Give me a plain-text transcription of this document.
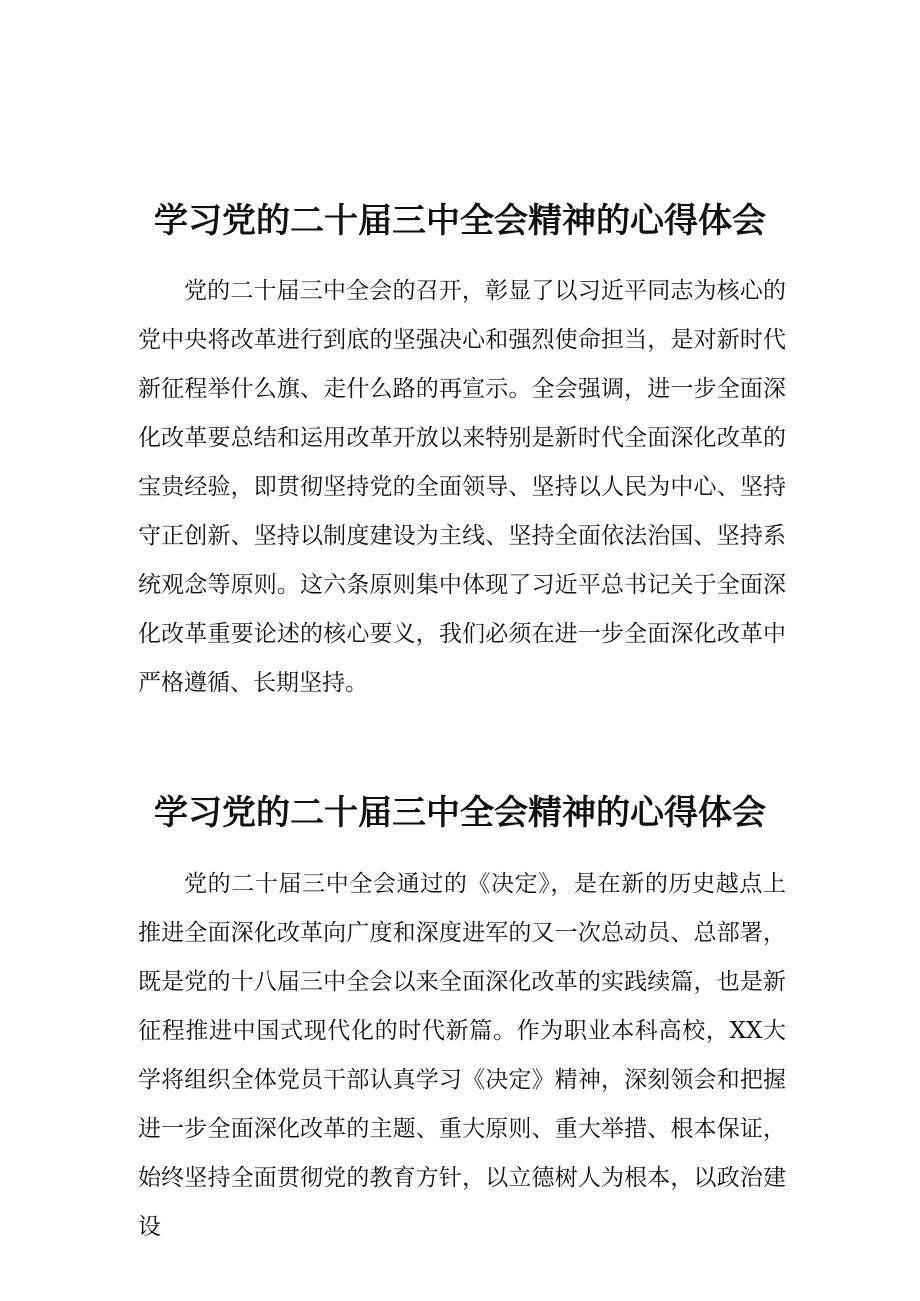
学习党的二十届三中全会精神的心得体会

党的二十届三中全会的召开，彰显了以习近平同志为核心的党中央将改革进行到底的坚强决心和强烈使命担当，是对新时代新征程举什么旗、走什么路的再宣示。全会强调，进一步全面深化改革要总结和运用改革开放以来特别是新时代全面深化改革的宝贵经验，即贯彻坚持党的全面领导、坚持以人民为中心、坚持守正创新、坚持以制度建设为主线、坚持全面依法治国、坚持系统观念等原则。这六条原则集中体现了习近平总书记关于全面深化改革重要论述的核心要义，我们必须在进一步全面深化改革中严格遵循、长期坚持。

学习党的二十届三中全会精神的心得体会

党的二十届三中全会通过的《决定》，是在新的历史越点上推进全面深化改革向广度和深度进军的又一次总动员、总部署，既是党的十八届三中全会以来全面深化改革的实践续篇，也是新征程推进中国式现代化的时代新篇。作为职业本科高校，XX大学将组织全体党员干部认真学习《决定》精神，深刻领会和把握进一步全面深化改革的主题、重大原则、重大举措、根本保证，始终坚持全面贯彻党的教育方针，以立德树人为根本，以政治建设
